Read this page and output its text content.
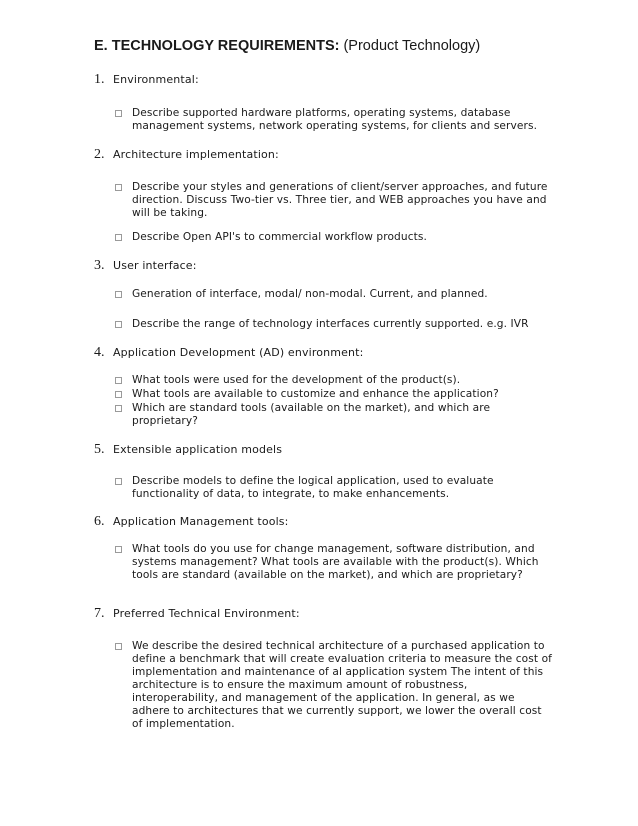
E. TECHNOLOGY REQUIREMENTS: (Product Technology)
1. Environmental:
Describe supported hardware platforms, operating systems, database management systems, network operating systems, for clients and servers.
2. Architecture implementation:
Describe your styles and generations of client/server approaches, and future direction. Discuss Two-tier vs. Three tier, and WEB approaches you have and will be taking.
Describe Open API's to commercial workflow products.
3. User interface:
Generation of interface, modal/ non-modal. Current, and planned.
Describe the range of technology interfaces currently supported. e.g. IVR
4. Application Development (AD) environment:
What tools were used for the development of the product(s).
What tools are available to customize and enhance the application?
Which are standard tools (available on the market), and which are proprietary?
5. Extensible application models
Describe models to define the logical application, used to evaluate functionality of data, to integrate, to make enhancements.
6. Application Management tools:
What tools do you use for change management, software distribution, and systems management? What tools are available with the product(s). Which tools are standard (available on the market), and which are proprietary?
7. Preferred Technical Environment:
We describe the desired technical architecture of a purchased application to define a benchmark that will create evaluation criteria to measure the cost of implementation and maintenance of al application system The intent of this architecture is to ensure the maximum amount of robustness, interoperability, and management of the application. In general, as we adhere to architectures that we currently support, we lower the overall cost of implementation.
